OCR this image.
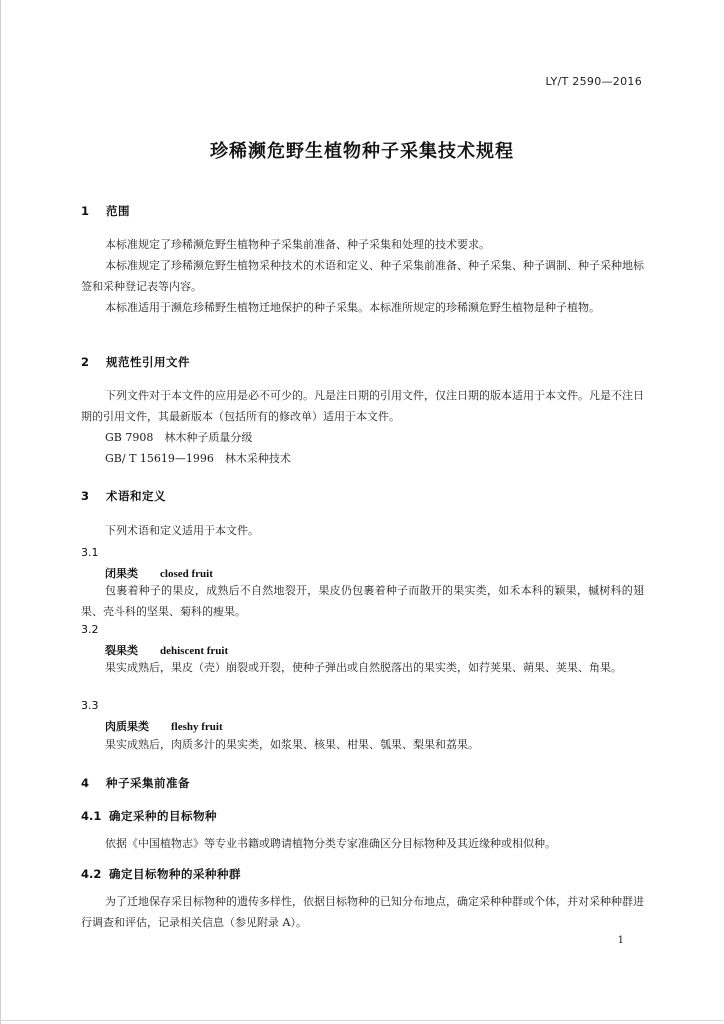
LY/T 2590—2016
珍稀濒危野生植物种子采集技术规程
1 范围
本标准规定了珍稀濒危野生植物种子采集前准备、种子采集和处理的技术要求。
本标准规定了珍稀濒危野生植物采种技术的术语和定义、种子采集前准备、种子采集、种子调制、种子采种地标签和采种登记表等内容。
本标准适用于濒危珍稀野生植物迁地保护的种子采集。本标准所规定的珍稀濒危野生植物是种子植物。
2 规范性引用文件
下列文件对于本文件的应用是必不可少的。凡是注日期的引用文件，仅注日期的版本适用于本文件。凡是不注日期的引用文件，其最新版本（包括所有的修改单）适用于本文件。
GB 7908　林木种子质量分级
GB/ T 15619—1996　林木采种技术
3 术语和定义
下列术语和定义适用于本文件。
3.1
闭果类 closed fruit
包裹着种子的果皮，成熟后不自然地裂开，果皮仍包裹着种子而散开的果实类，如禾本科的颖果，槭树科的翅果、壳斗科的坚果、菊科的瘦果。
3.2
裂果类 dehiscent fruit
果实成熟后，果皮（壳）崩裂或开裂，使种子弹出或自然脱落出的果实类，如荇荚果、蒴果、荚果、角果。
3.3
肉质果类 fleshy fruit
果实成熟后，肉质多汁的果实类，如浆果、核果、柑果、瓠果、梨果和荔果。
4 种子采集前准备
4.1 确定采种的目标物种
依据《中国植物志》等专业书籍或聘请植物分类专家准确区分目标物种及其近缘种或相似种。
4.2 确定目标物种的采种种群
为了迁地保存采目标物种的遗传多样性，依据目标物种的已知分布地点，确定采种种群或个体，并对采种种群进行调查和评估，记录相关信息（参见附录 A）。
1
